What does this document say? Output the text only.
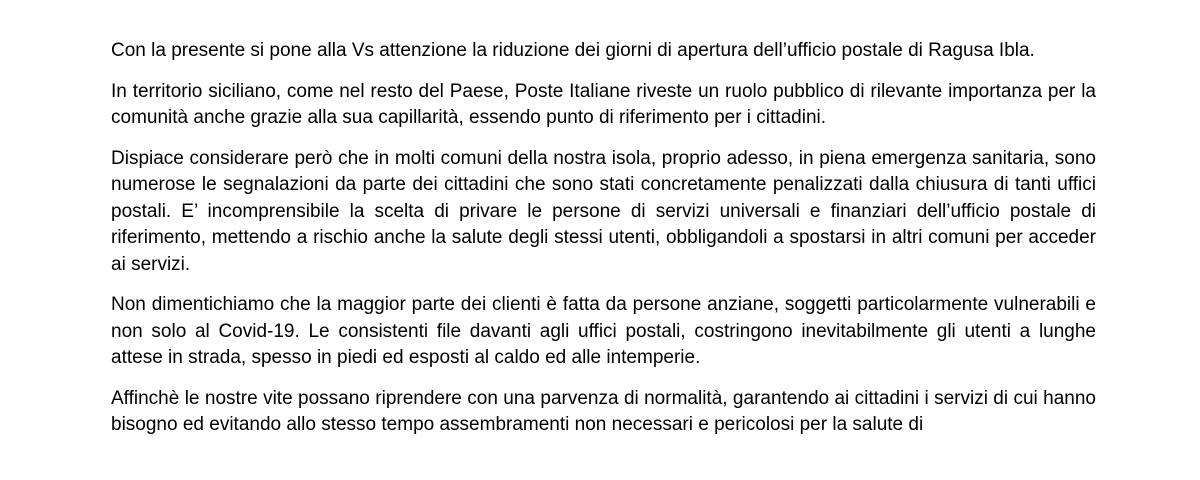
Con la presente si pone alla Vs attenzione la riduzione dei giorni di apertura dell’ufficio postale di Ragusa Ibla.

In territorio siciliano, come nel resto del Paese, Poste Italiane riveste un ruolo pubblico di rilevante importanza per la comunità anche grazie alla sua capillarità, essendo punto di riferimento per i cittadini.

Dispiace considerare però che in molti comuni della nostra isola, proprio adesso, in piena emergenza sanitaria, sono numerose le segnalazioni da parte dei cittadini che sono stati concretamente penalizzati dalla chiusura di tanti uffici postali. E’ incomprensibile la scelta di privare le persone di servizi universali e finanziari dell’ufficio postale di riferimento, mettendo a rischio anche la salute degli stessi utenti, obbligandoli a spostarsi in altri comuni per acceder ai servizi.

Non dimentichiamo che la maggior parte dei clienti è fatta da persone anziane, soggetti particolarmente vulnerabili e non solo al Covid-19. Le consistenti file davanti agli uffici postali, costringono inevitabilmente gli utenti a lunghe attese in strada, spesso in piedi ed esposti al caldo ed alle intemperie.

Affinchè le nostre vite possano riprendere con una parvenza di normalità, garantendo ai cittadini i servizi di cui hanno bisogno ed evitando allo stesso tempo assembramenti non necessari e pericolosi per la salute di
